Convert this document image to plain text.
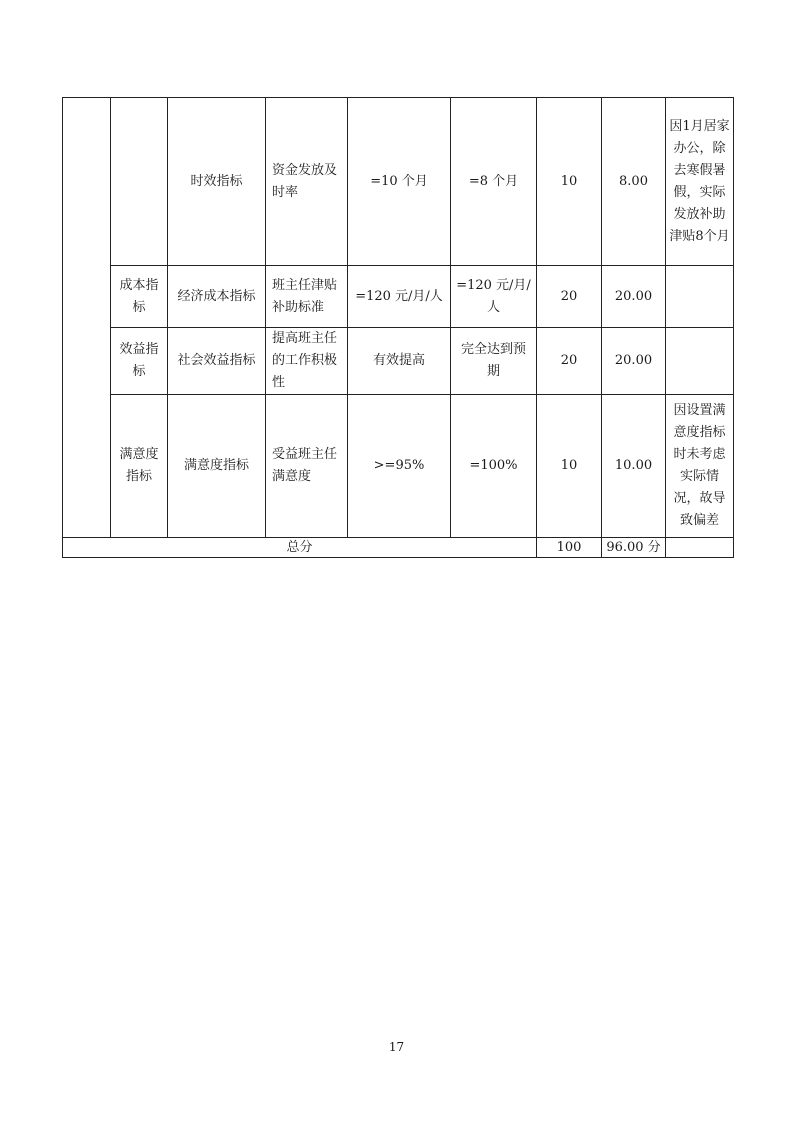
		时效指标	资金发放及时率	=10 个月	=8 个月	10	8.00	因1月居家办公，除去寒假暑假，实际发放补助津贴8个月
	成本指标	经济成本指标	班主任津贴补助标准	=120 元/月/人	=120 元/月/人	20	20.00	
	效益指标	社会效益指标	提高班主任的工作积极性	有效提高	完全达到预期	20	20.00	
	满意度指标	满意度指标	受益班主任满意度	>=95%	=100%	10	10.00	因设置满意度指标时未考虑实际情况，故导致偏差
总分						100	96.00 分	
17
